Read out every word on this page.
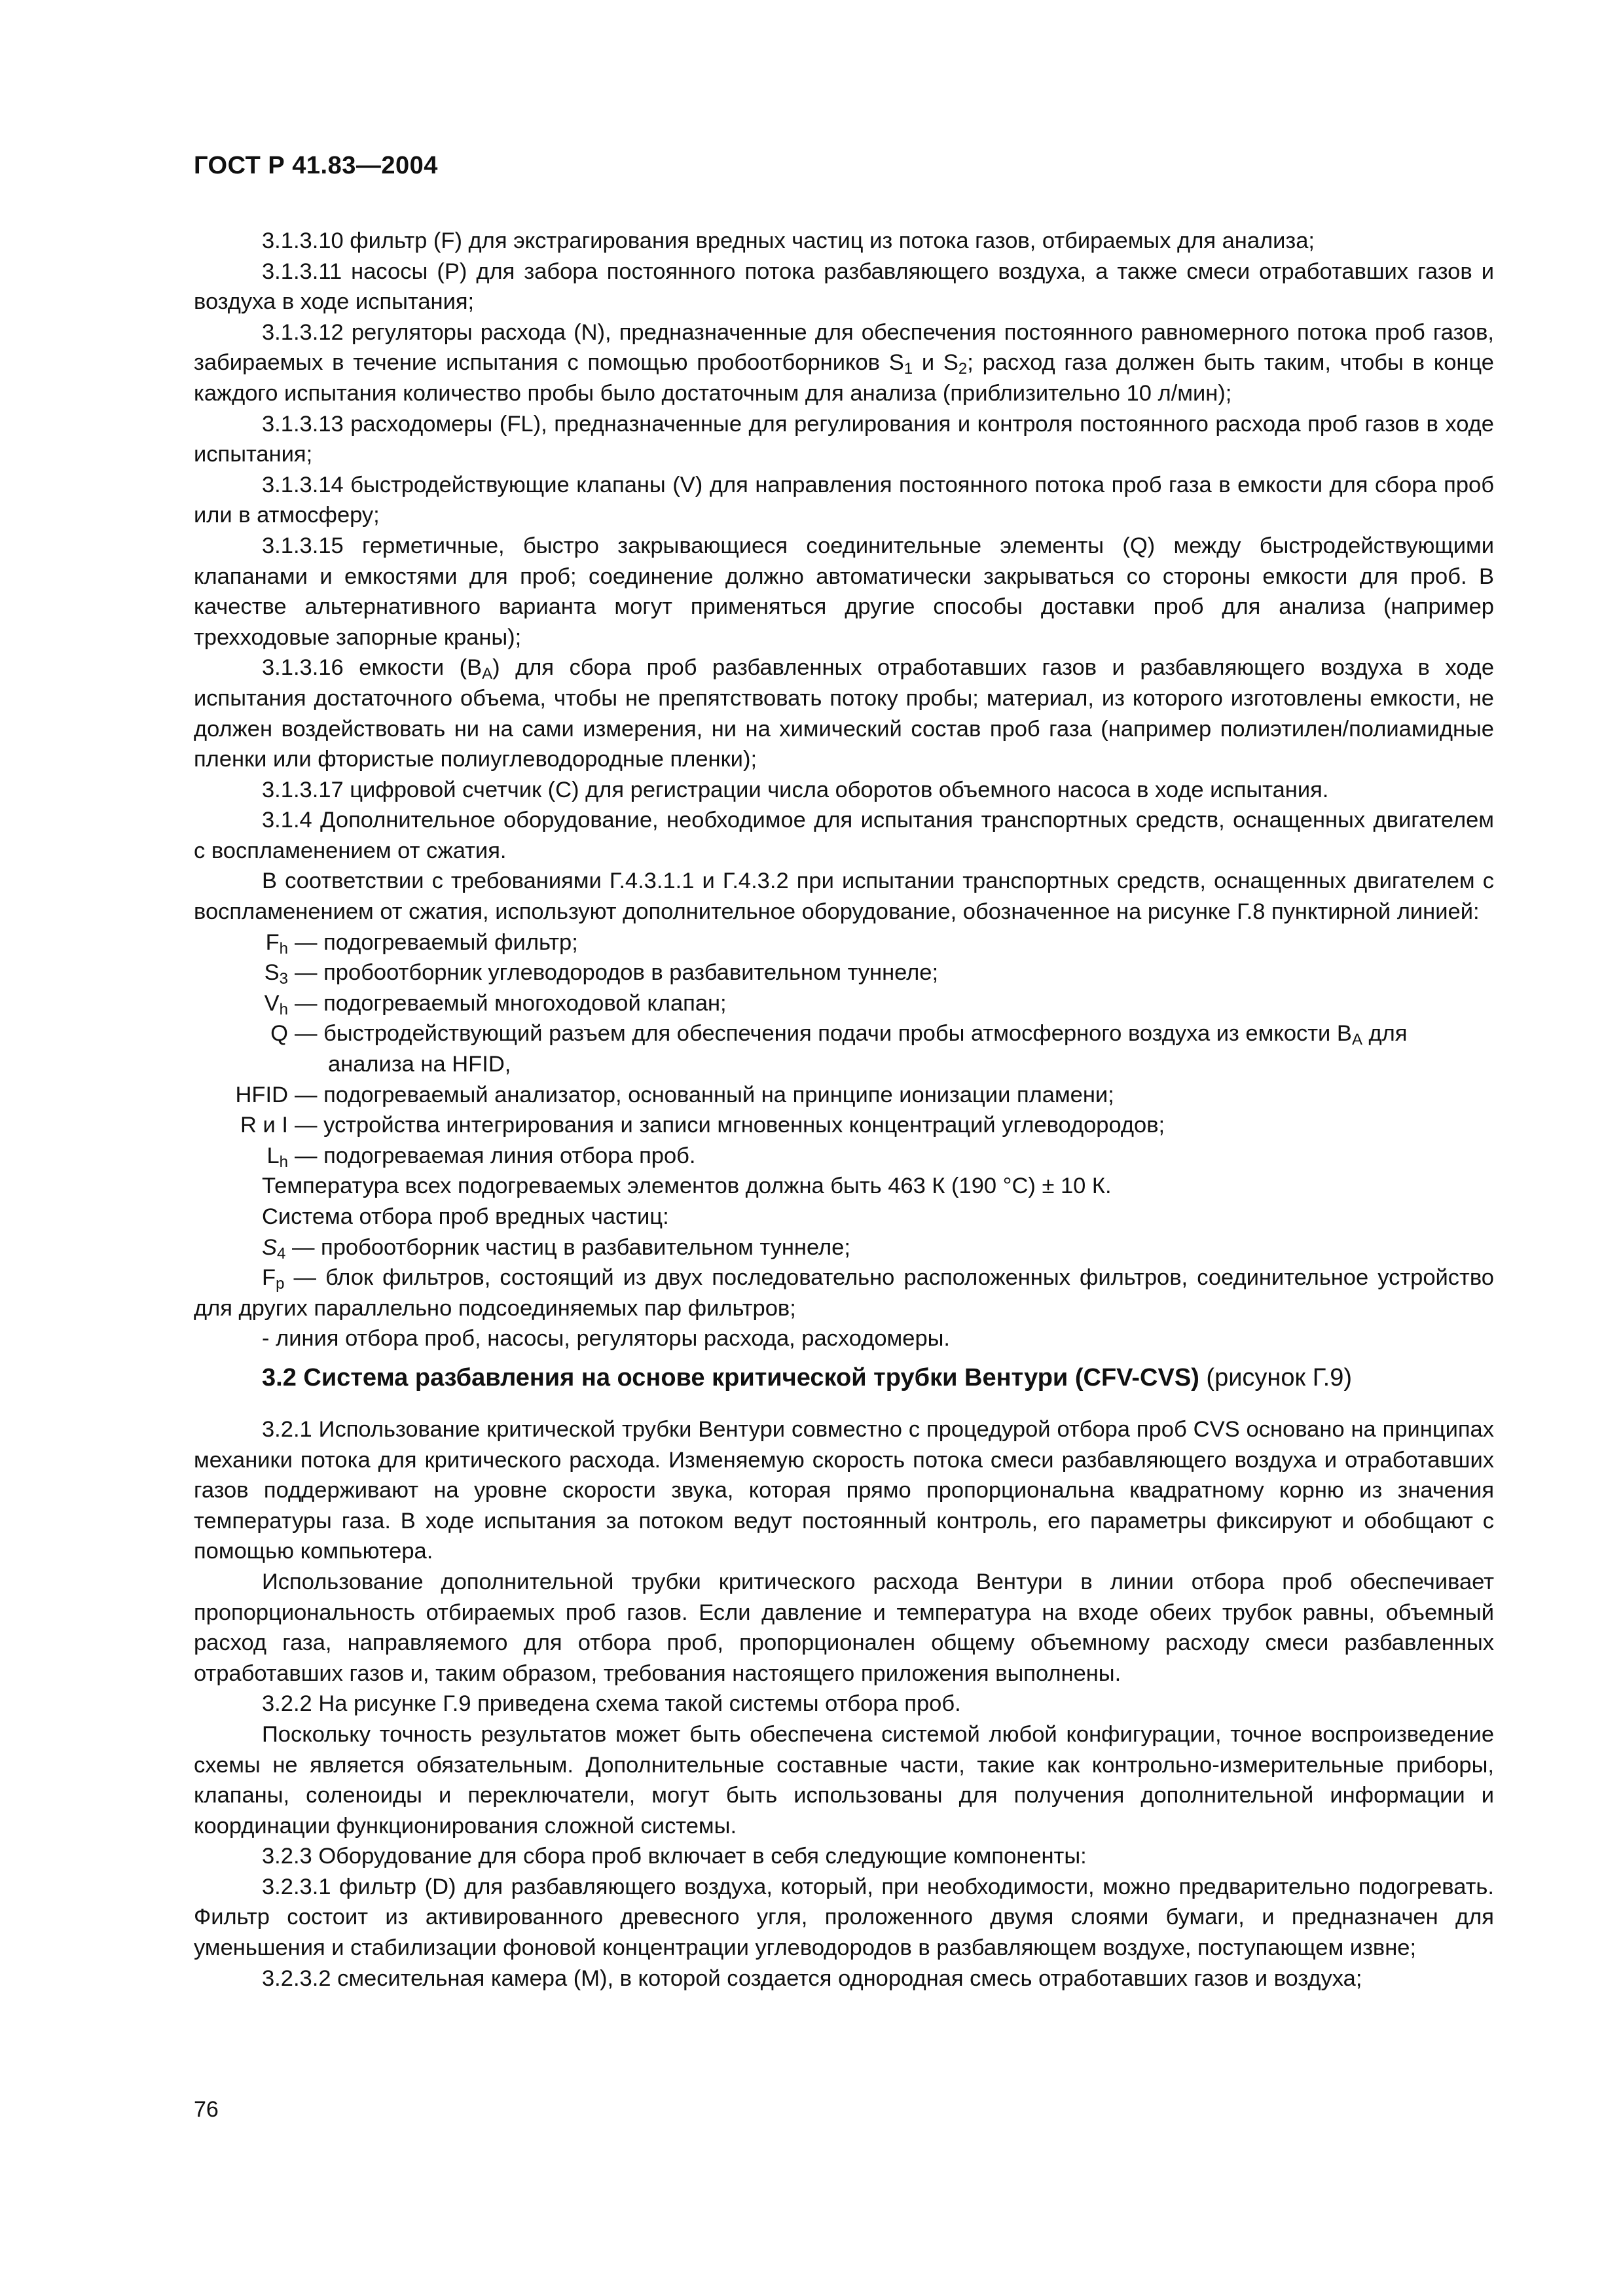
ГОСТ Р 41.83—2004

3.1.3.10 фильтр (F) для экстрагирования вредных частиц из потока газов, отбираемых для анализа;

3.1.3.11 насосы (P) для забора постоянного потока разбавляющего воздуха, а также смеси отработавших газов и воздуха в ходе испытания;

3.1.3.12 регуляторы расхода (N), предназначенные для обеспечения постоянного равномерного потока проб газов, забираемых в течение испытания с помощью пробоотборников $S_1$ и $S_2$; расход газа должен быть таким, чтобы в конце каждого испытания количество пробы было достаточным для анализа (приблизительно 10 л/мин);

3.1.3.13 расходомеры (FL), предназначенные для регулирования и контроля постоянного расхода проб газов в ходе испытания;

3.1.3.14 быстродействующие клапаны (V) для направления постоянного потока проб газа в емкости для сбора проб или в атмосферу;

3.1.3.15 герметичные, быстро закрывающиеся соединительные элементы (Q) между быстродействующими клапанами и емкостями для проб; соединение должно автоматически закрываться со стороны емкости для проб. В качестве альтернативного варианта могут применяться другие способы доставки проб для анализа (например трехходовые запорные краны);

3.1.3.16 емкости $(B_A)$ для сбора проб разбавленных отработавших газов и разбавляющего воздуха в ходе испытания достаточного объема, чтобы не препятствовать потоку пробы; материал, из которого изготовлены емкости, не должен воздействовать ни на сами измерения, ни на химический состав проб газа (например полиэтилен/полиамидные пленки или фтористые полиуглеводородные пленки);

3.1.3.17 цифровой счетчик (С) для регистрации числа оборотов объемного насоса в ходе испытания.

3.1.4 Дополнительное оборудование, необходимое для испытания транспортных средств, оснащенных двигателем с воспламенением от сжатия.

В соответствии с требованиями Г.4.3.1.1 и Г.4.3.2 при испытании транспортных средств, оснащенных двигателем с воспламенением от сжатия, используют дополнительное оборудование, обозначенное на рисунке Г.8 пунктирной линией:

$F_h$ — подогреваемый фильтр;
$S_3$ — пробоотборник углеводородов в разбавительном туннеле;
$V_h$ — подогреваемый многоходовой клапан;
Q — быстродействующий разъем для обеспечения подачи пробы атмосферного воздуха из емкости $B_A$ для
анализа на HFID,
HFID — подогреваемый анализатор, основанный на принципе ионизации пламени;
R и I — устройства интегрирования и записи мгновенных концентраций углеводородов;
$L_h$ — подогреваемая линия отбора проб.

Температура всех подогреваемых элементов должна быть 463 К (190 °С) ± 10 К.

Система отбора проб вредных частиц:

$S_4$ — пробоотборник частиц в разбавительном туннеле;

$F_p$ — блок фильтров, состоящий из двух последовательно расположенных фильтров, соединительное устройство для других параллельно подсоединяемых пар фильтров;

- линия отбора проб, насосы, регуляторы расхода, расходомеры.

3.2 Система разбавления на основе критической трубки Вентури (CFV-CVS) (рисунок Г.9)

3.2.1 Использование критической трубки Вентури совместно с процедурой отбора проб CVS основано на принципах механики потока для критического расхода. Изменяемую скорость потока смеси разбавляющего воздуха и отработавших газов поддерживают на уровне скорости звука, которая прямо пропорциональна квадратному корню из значения температуры газа. В ходе испытания за потоком ведут постоянный контроль, его параметры фиксируют и обобщают с помощью компьютера.

Использование дополнительной трубки критического расхода Вентури в линии отбора проб обеспечивает пропорциональность отбираемых проб газов. Если давление и температура на входе обеих трубок равны, объемный расход газа, направляемого для отбора проб, пропорционален общему объемному расходу смеси разбавленных отработавших газов и, таким образом, требования настоящего приложения выполнены.

3.2.2 На рисунке Г.9 приведена схема такой системы отбора проб.

Поскольку точность результатов может быть обеспечена системой любой конфигурации, точное воспроизведение схемы не является обязательным. Дополнительные составные части, такие как контрольно-измерительные приборы, клапаны, соленоиды и переключатели, могут быть использованы для получения дополнительной информации и координации функционирования сложной системы.

3.2.3 Оборудование для сбора проб включает в себя следующие компоненты:

3.2.3.1 фильтр (D) для разбавляющего воздуха, который, при необходимости, можно предварительно подогревать. Фильтр состоит из активированного древесного угля, проложенного двумя слоями бумаги, и предназначен для уменьшения и стабилизации фоновой концентрации углеводородов в разбавляющем воздухе, поступающем извне;

3.2.3.2 смесительная камера (М), в которой создается однородная смесь отработавших газов и воздуха;

76
